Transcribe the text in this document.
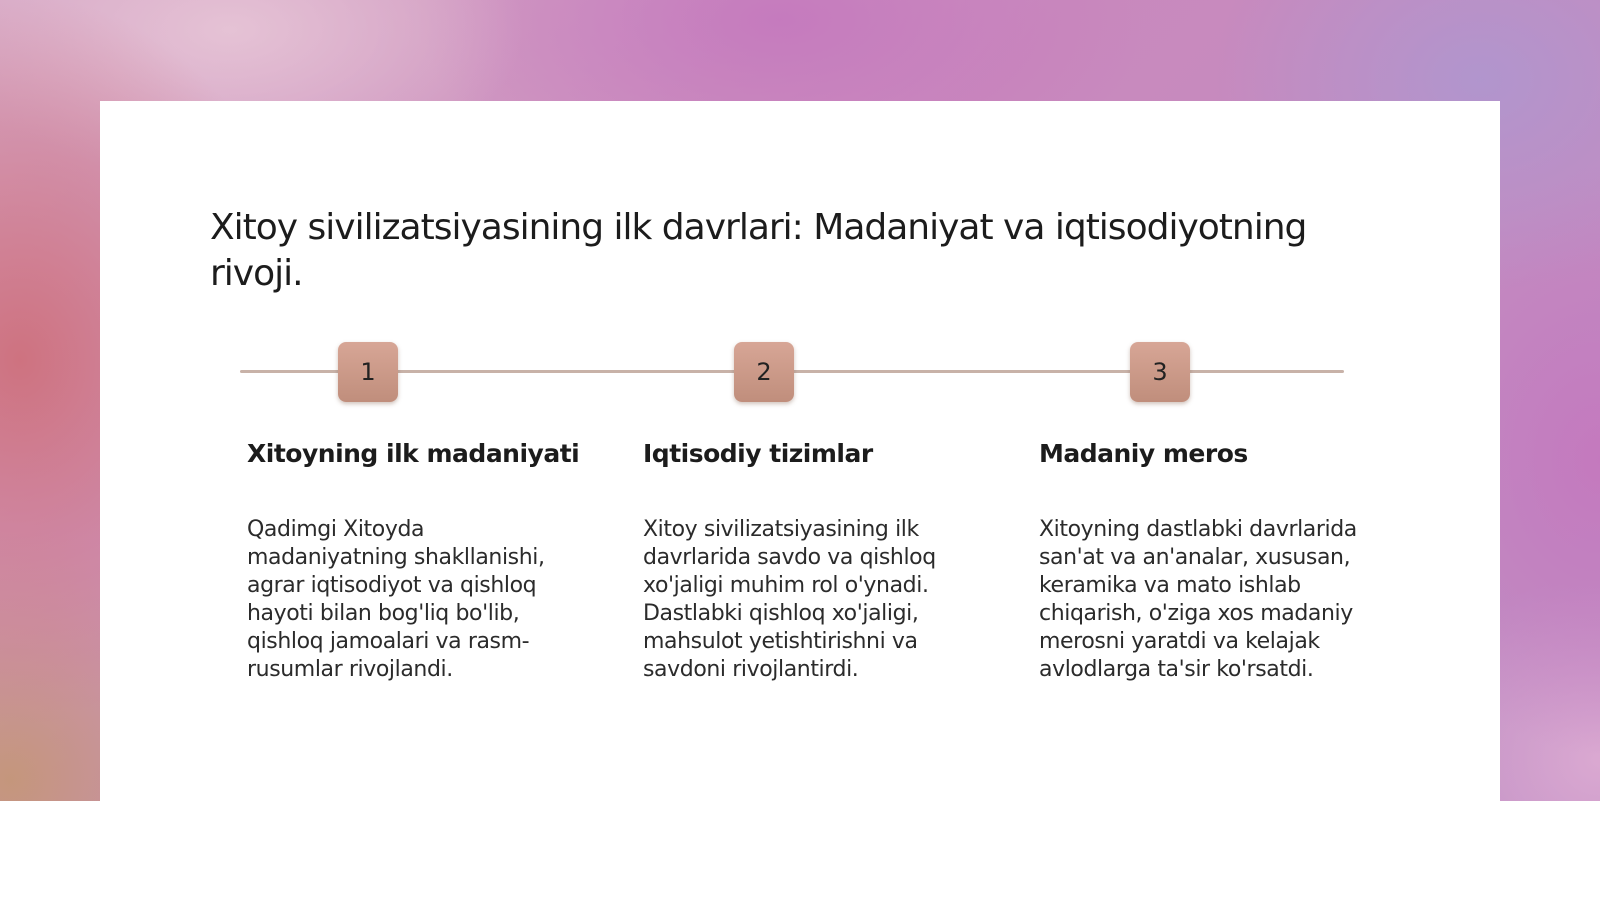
Xitoy sivilizatsiyasining ilk davrlari: Madaniyat va iqtisodiyotning rivoji.
1	2	3
Xitoyning ilk madaniyati

Qadimgi Xitoyda madaniyatning shakllanishi, agrar iqtisodiyot va qishloq hayoti bilan bog'liq bo'lib, qishloq jamoalari va rasm-rusumlar rivojlandi.

Iqtisodiy tizimlar

Xitoy sivilizatsiyasining ilk davrlarida savdo va qishloq xo'jaligi muhim rol o'ynadi. Dastlabki qishloq xo'jaligi, mahsulot yetishtirishni va savdoni rivojlantirdi.

Madaniy meros

Xitoyning dastlabki davrlarida san'at va an'analar, xususan, keramika va mato ishlab chiqarish, o'ziga xos madaniy merosni yaratdi va kelajak avlodlarga ta'sir ko'rsatdi.
